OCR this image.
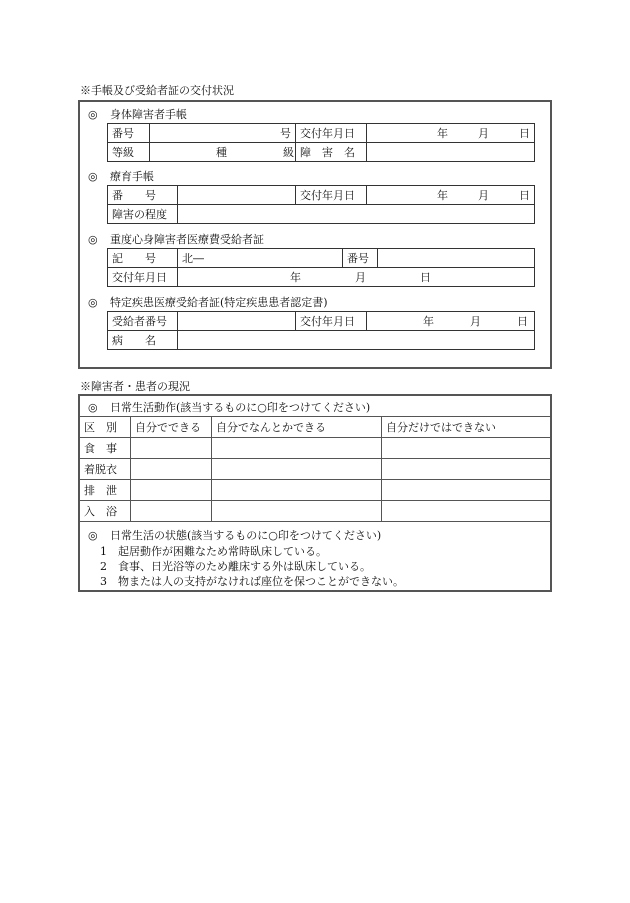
※手帳及び受給者証の交付状況
◎ 身体障害者手帳
番号	号	交付年月日	年 月 日
等級	種 級	障　害　名	
◎ 療育手帳
番　　号		交付年月日	年 月 日
障害の程度			
◎ 重度心身障害者医療費受給者証
記　　号	北―	番号	
交付年月日	年 月 日		
◎ 特定疾患医療受給者証(特定疾患患者認定書)
受給者番号		交付年月日	年 月 日
病　　名			
※障害者・患者の現況
◎ 日常生活動作(該当するものに○印をつけてください)
区　別	自分でできる	自分でなんとかできる	自分だけではできない
食　事			
着脱衣			
排　泄			
入　浴			
◎ 日常生活の状態(該当するものに○印をつけてください)
1 起居動作が困難なため常時臥床している。
2 食事、日光浴等のため離床する外は臥床している。
3 物または人の支持がなければ座位を保つことができない。
